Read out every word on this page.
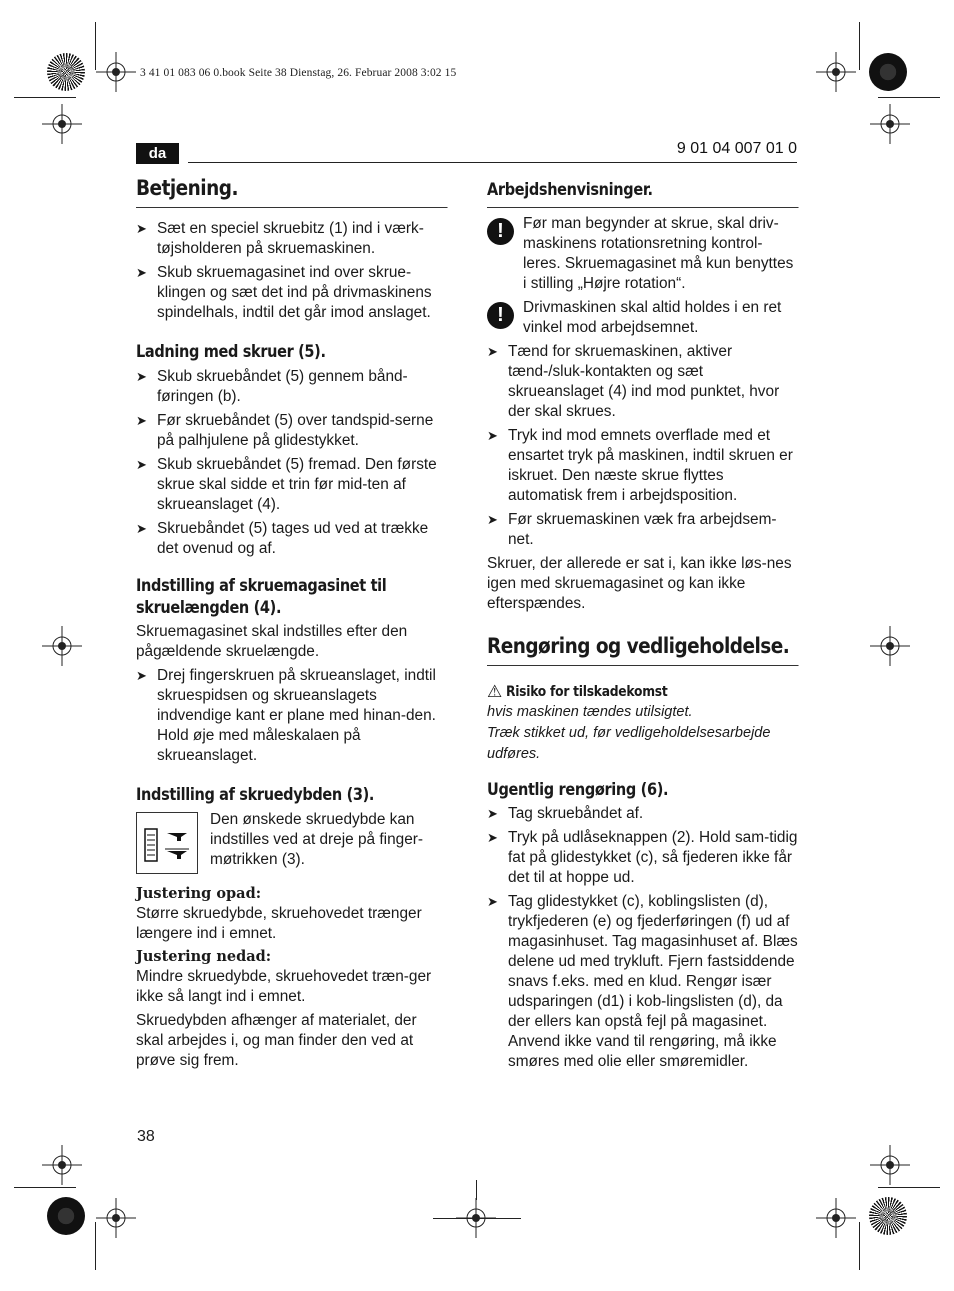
3 41 01 083 06 0.book Seite 38 Dienstag, 26. Februar 2008 3:02 15
da	9 01 04 007 01 0
Betjening.
➤ Sæt en speciel skruebitz (1) ind i værk-tøjsholderen på skruemaskinen.
➤ Skub skruemagasinet ind over skrue-klingen og sæt det ind på drivmaskinens spindelhals, indtil det går imod anslaget.
Ladning med skruer (5).
➤ Skub skruebåndet (5) gennem bånd-føringen (b).
➤ Før skruebåndet (5) over tandspid-serne på palhjulene på glidestykket.
➤ Skub skruebåndet (5) fremad. Den første skrue skal sidde et trin før mid-ten af skrueanslaget (4).
➤ Skruebåndet (5) tages ud ved at trække det ovenud og af.
Indstilling af skruemagasinet til skruelængden (4).

Skruemagasinet skal indstilles efter den pågældende skruelængde.

➤ Drej fingerskruen på skrueanslaget, indtil skruespidsen og skrueanslagets indvendige kant er plane med hinan-den. Hold øje med måleskalaen på skrueanslaget.
Indstilling af skruedybden (3).

Den ønskede skruedybde kan indstilles ved at dreje på finger-møtrikken (3).

Justering opad:

Større skruedybde, skruehovedet trænger længere ind i emnet.

Justering nedad:

Mindre skruedybde, skruehovedet træn-ger ikke så langt ind i emnet.

Skruedybden afhænger af materialet, der skal arbejdes i, og man finder den ved at prøve sig frem.

Arbejdshenvisninger.
!	Før man begynder at skrue, skal driv-maskinens rotationsretning kontrol-leres. Skruemagasinet må kun benyttes i stilling „Højre rotation“.

!	Drivmaskinen skal altid holdes i en ret vinkel mod arbejdsemnet.

➤ Tænd for skruemaskinen, aktiver tænd-/sluk-kontakten og sæt skrueanslaget (4) ind mod punktet, hvor der skal skrues.
➤ Tryk ind mod emnets overflade med et ensartet tryk på maskinen, indtil skruen er iskruet. Den næste skrue flyttes automatisk frem i arbejdsposition.
➤ Før skruemaskinen væk fra arbejdsem-net.

Skruer, der allerede er sat i, kan ikke løs-nes igen med skruemagasinet og kan ikke efterspændes.

Rengøring og vedligeholdelse.
⚠ Risiko for tilskadekomst

hvis maskinen tændes utilsigtet.

Træk stikket ud, før vedligeholdelsesarbejde udføres.

Ugentlig rengøring (6).
➤ Tag skruebåndet af.
➤ Tryk på udlåseknappen (2). Hold sam-tidig fat på glidestykket (c), så fjederen ikke får det til at hoppe ud.
➤ Tag glidestykket (c), koblingslisten (d), trykfjederen (e) og fjederføringen (f) ud af magasinhuset. Tag magasinhuset af. Blæs delene ud med trykluft. Fjern fastsiddende snavs f.eks. med en klud. Rengør især udsparingen (d1) i kob-lingslisten (d), da der ellers kan opstå fejl på magasinet. Anvend ikke vand til rengøring, må ikke smøres med olie eller smøremidler.
38
